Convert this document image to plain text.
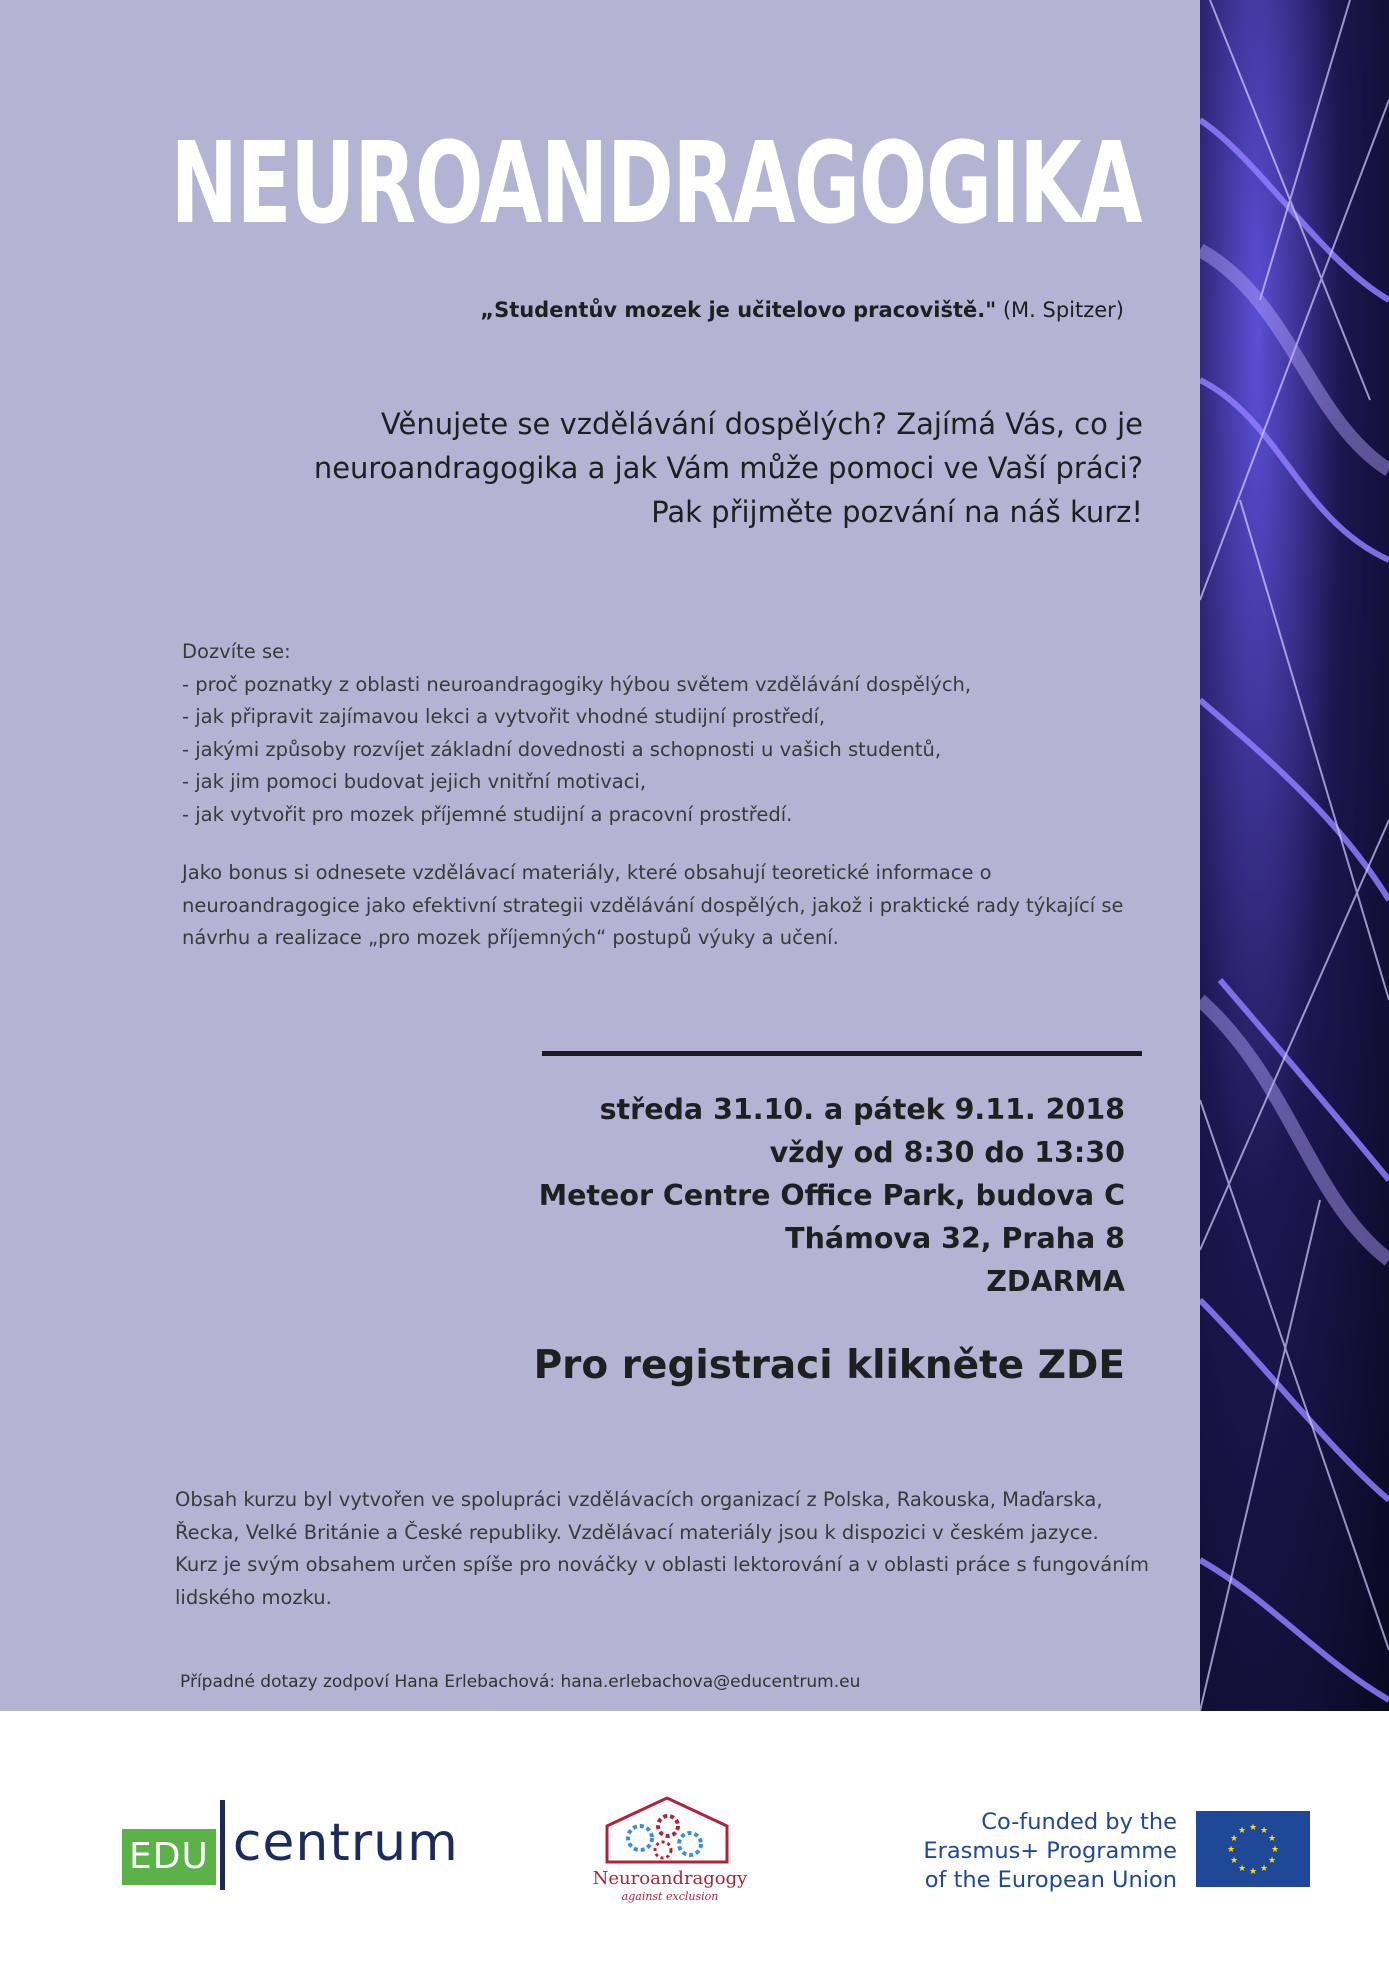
NEUROANDRAGOGIKA
„Studentův mozek je učitelovo pracoviště." (M. Spitzer)
Věnujete se vzdělávání dospělých? Zajímá Vás, co je
neuroandragogika a jak Vám může pomoci ve Vaší práci?
Pak přijměte pozvání na náš kurz!
Dozvíte se:
- proč poznatky z oblasti neuroandragogiky hýbou světem vzdělávání dospělých,
- jak připravit zajímavou lekci a vytvořit vhodné studijní prostředí,
- jakými způsoby rozvíjet základní dovednosti a schopnosti u vašich studentů,
- jak jim pomoci budovat jejich vnitřní motivaci,
- jak vytvořit pro mozek příjemné studijní a pracovní prostředí.
Jako bonus si odnesete vzdělávací materiály, které obsahují teoretické informace o
neuroandragogice jako efektivní strategii vzdělávání dospělých, jakož i praktické rady týkající se
návrhu a realizace „pro mozek příjemných“ postupů výuky a učení.
středa 31.10. a pátek 9.11. 2018
vždy od 8:30 do 13:30
Meteor Centre Office Park, budova C
Thámova 32, Praha 8
ZDARMA
Pro registraci klikněte ZDE
Obsah kurzu byl vytvořen ve spolupráci vzdělávacích organizací z Polska, Rakouska, Maďarska,
Řecka, Velké Británie a České republiky. Vzdělávací materiály jsou k dispozici v českém jazyce.
Kurz je svým obsahem určen spíše pro nováčky v oblasti lektorování a v oblasti práce s fungováním
lidského mozku.
Případné dotazy zodpoví Hana Erlebachová: hana.erlebachova@educentrum.eu
EDU centrum
Neuroandragogy
against exclusion
Co-funded by the
Erasmus+ Programme
of the European Union
★ ★
★
★
★
★
★
★
★
★
★
★
